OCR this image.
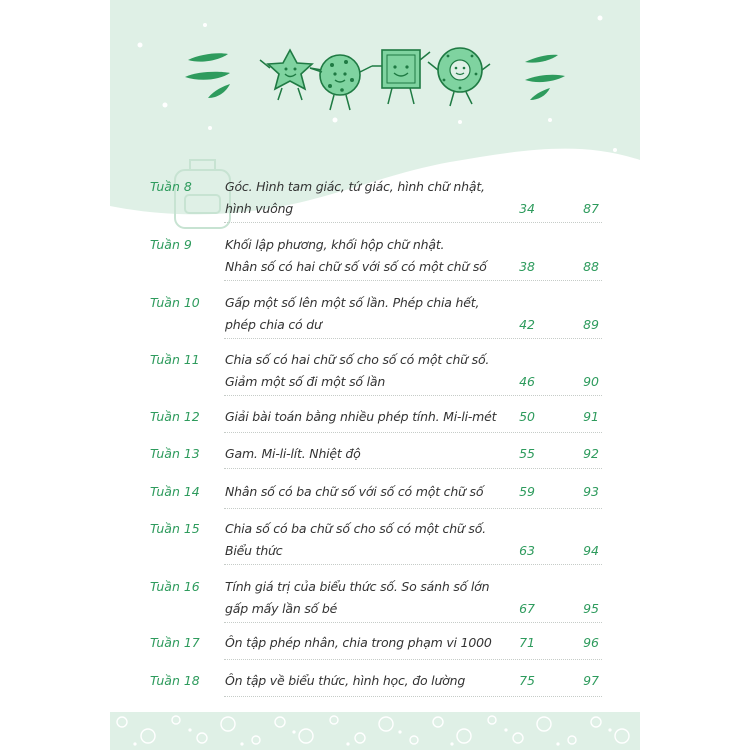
Tuần 8	Góc. Hình tam giác, tứ giác, hình chữ nhật,
hình vuông	34	87
Tuần 9	Khối lập phương, khối hộp chữ nhật.
Nhân số có hai chữ số với số có một chữ số	38	88
Tuần 10	Gấp một số lên một số lần. Phép chia hết,
phép chia có dư	42	89
Tuần 11	Chia số có hai chữ số cho số có một chữ số.
Giảm một số đi một số lần	46	90
Tuần 12	Giải bài toán bằng nhiều phép tính. Mi-li-mét	50	91
Tuần 13	Gam. Mi-li-lít. Nhiệt độ	55	92
Tuần 14	Nhân số có ba chữ số với số có một chữ số	59	93
Tuần 15	Chia số có ba chữ số cho số có một chữ số.
Biểu thức	63	94
Tuần 16	Tính giá trị của biểu thức số. So sánh số lớn
gấp mấy lần số bé	67	95
Tuần 17	Ôn tập phép nhân, chia trong phạm vi 1000	71	96
Tuần 18	Ôn tập về biểu thức, hình học, đo lường	75	97
